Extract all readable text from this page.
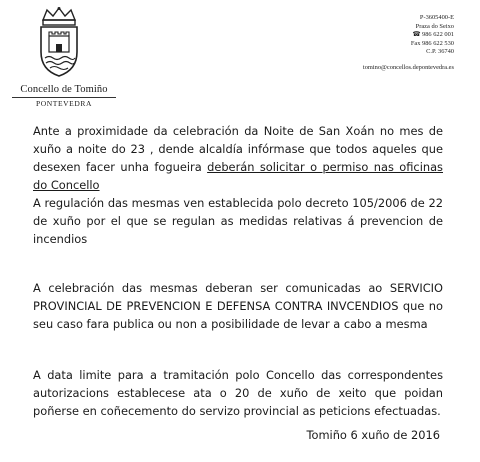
Concello de Tomiño
PONTEVEDRA
P-3605400-E
Praza do Seixo
☎ 986 622 001
Fax 986 622 530
C.P. 36740
tomino@concellos.depontevedra.es
Ante a proximidade da celebración da Noite de San Xoán no mes de xuño a noite do 23 , dende alcaldía infórmase que todos aqueles que desexen facer unha fogueira deberán solicitar o permiso nas oficinas do Concello
A regulación das mesmas ven establecida polo decreto 105/2006 de 22 de xuño por el que se regulan as medidas relativas á prevencion de incendios
A celebración das mesmas deberan ser comunicadas ao SERVICIO PROVINCIAL DE PREVENCION E DEFENSA CONTRA INVCENDIOS que no seu caso fara publica ou non a posibilidade de levar a cabo a mesma
A data limite para a tramitación polo Concello das correspondentes autorizacions establecese ata o 20 de xuño de xeito que poidan poñerse en coñecemento do servizo provincial as peticions efectuadas.
Tomiño 6 xuño de 2016
